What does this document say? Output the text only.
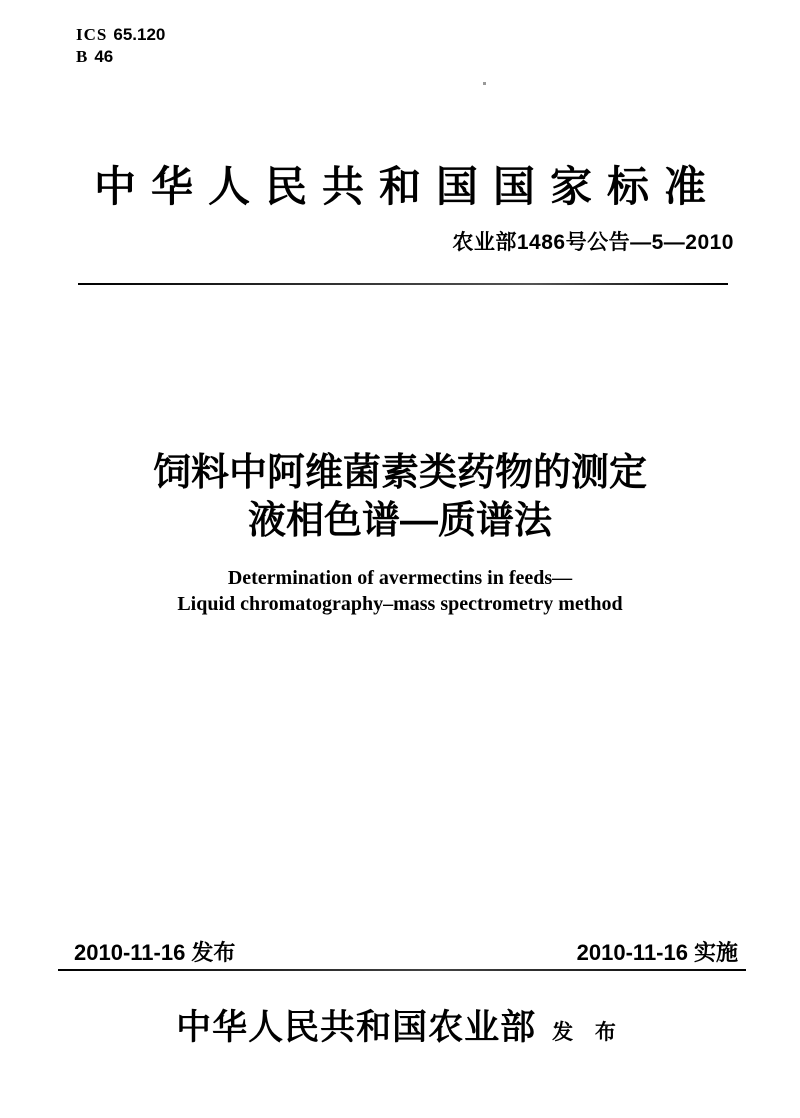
ICS 65.120
B 46
中华人民共和国国家标准
农业部1486号公告—5—2010
饲料中阿维菌素类药物的测定
液相色谱—质谱法
Determination of avermectins in feeds—
Liquid chromatography–mass spectrometry method
2010-11-16 发布	2010-11-16 实施
中华人民共和国农业部 发 布
